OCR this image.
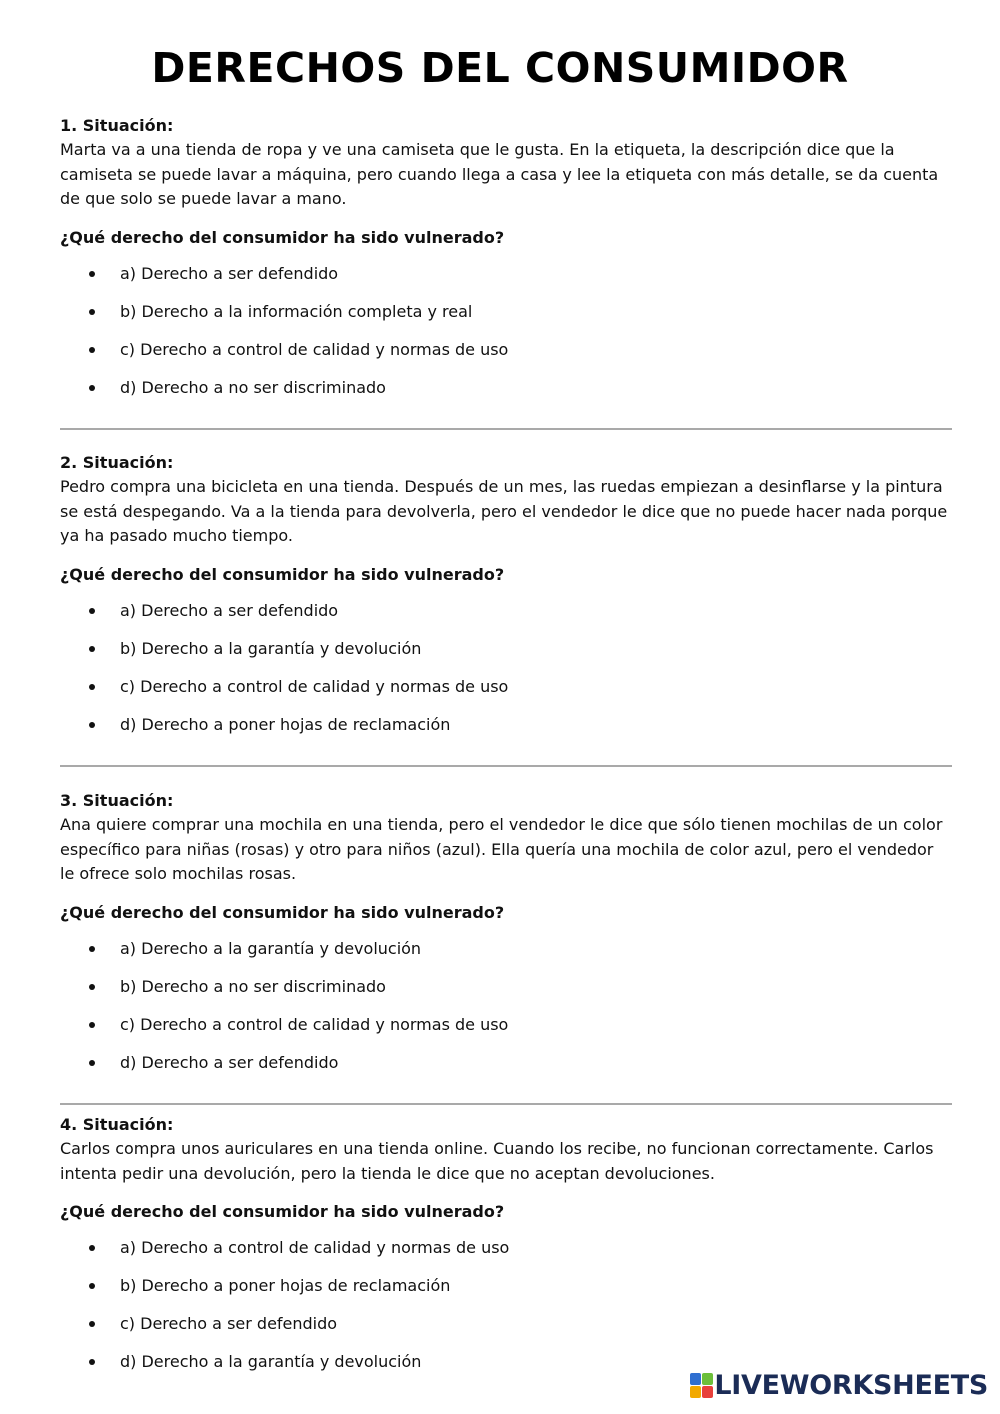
DERECHOS DEL CONSUMIDOR

1. Situación:

Marta va a una tienda de ropa y ve una camiseta que le gusta. En la etiqueta, la descripción dice que la camiseta se puede lavar a máquina, pero cuando llega a casa y lee la etiqueta con más detalle, se da cuenta de que solo se puede lavar a mano.

¿Qué derecho del consumidor ha sido vulnerado?

a) Derecho a ser defendido
b) Derecho a la información completa y real
c) Derecho a control de calidad y normas de uso
d) Derecho a no ser discriminado

2. Situación:

Pedro compra una bicicleta en una tienda. Después de un mes, las ruedas empiezan a desinflarse y la pintura se está despegando. Va a la tienda para devolverla, pero el vendedor le dice que no puede hacer nada porque ya ha pasado mucho tiempo.

¿Qué derecho del consumidor ha sido vulnerado?

a) Derecho a ser defendido
b) Derecho a la garantía y devolución
c) Derecho a control de calidad y normas de uso
d) Derecho a poner hojas de reclamación

3. Situación:

Ana quiere comprar una mochila en una tienda, pero el vendedor le dice que sólo tienen mochilas de un color específico para niñas (rosas) y otro para niños (azul). Ella quería una mochila de color azul, pero el vendedor le ofrece solo mochilas rosas.

¿Qué derecho del consumidor ha sido vulnerado?

a) Derecho a la garantía y devolución
b) Derecho a no ser discriminado
c) Derecho a control de calidad y normas de uso
d) Derecho a ser defendido

4. Situación:

Carlos compra unos auriculares en una tienda online. Cuando los recibe, no funcionan correctamente. Carlos intenta pedir una devolución, pero la tienda le dice que no aceptan devoluciones.

¿Qué derecho del consumidor ha sido vulnerado?

a) Derecho a control de calidad y normas de uso
b) Derecho a poner hojas de reclamación
c) Derecho a ser defendido
d) Derecho a la garantía y devolución
LIVEWORKSHEETS
